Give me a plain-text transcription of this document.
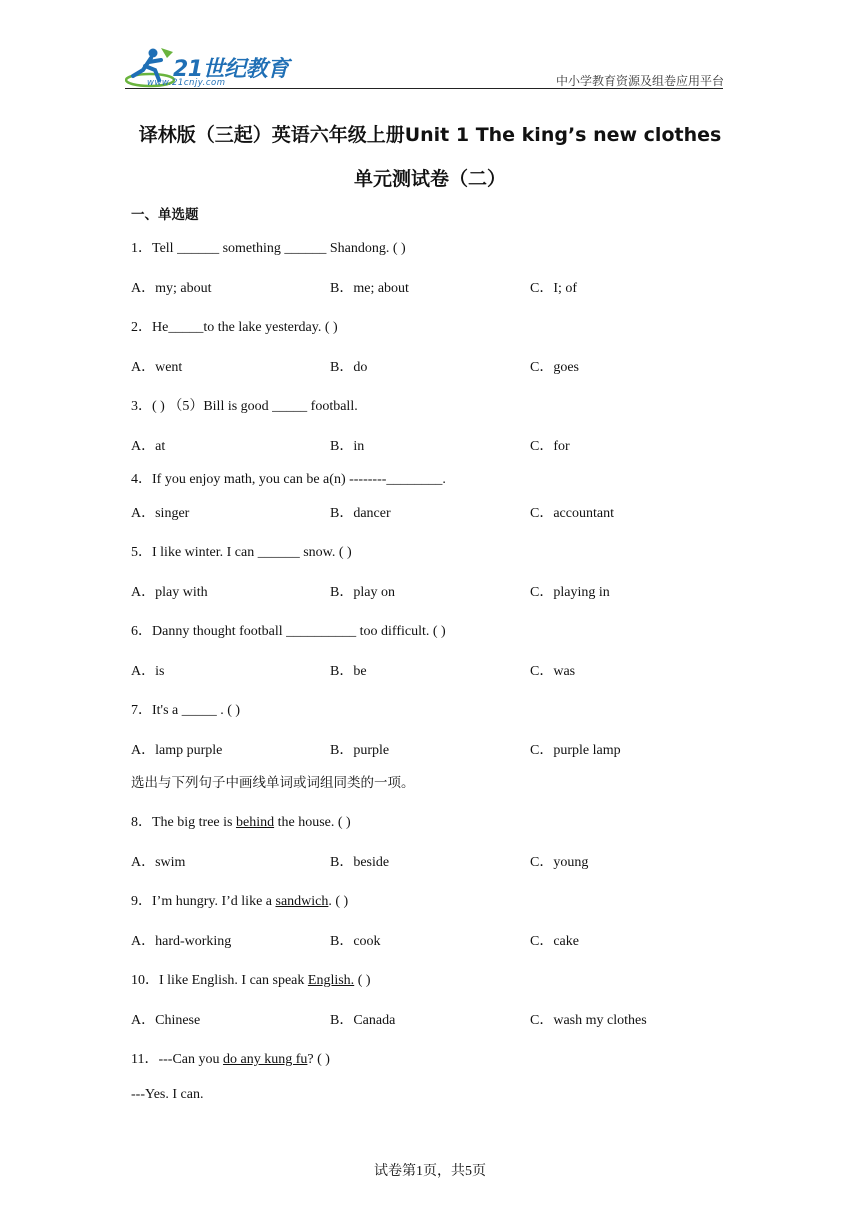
21世纪教育
www.21cnjy.com	中小学教育资源及组卷应用平台
译林版（三起）英语六年级上册Unit 1 The king’s new clothes
单元测试卷（二）
一、单选题
1．Tell ______ something ______ Shandong. ( )
A．my; about	B．me; about	C．I; of
2．He_____to the lake yesterday. ( )
A．went	B．do	C．goes
3．( ) （5）Bill is good _____ football.
A．at	B．in	C．for
4．If you enjoy math, you can be a(n) --------________.
A．singer	B．dancer	C．accountant
5．I like winter. I can ______ snow. ( )
A．play with	B．play on	C．playing in
6．Danny thought football __________ too difficult. ( )
A．is	B．be	C．was
7．It's a _____ . ( )
A．lamp purple	B．purple	C．purple lamp
选出与下列句子中画线单词或词组同类的一项。
8．The big tree is behind the house. ( )
A．swim	B．beside	C．young
9．I’m hungry. I’d like a sandwich. ( )
A．hard-working	B．cook	C．cake
10．I like English. I can speak English. ( )
A．Chinese	B．Canada	C．wash my clothes
11．---Can you do any kung fu? ( )
---Yes. I can.
试卷第1页，共5页
